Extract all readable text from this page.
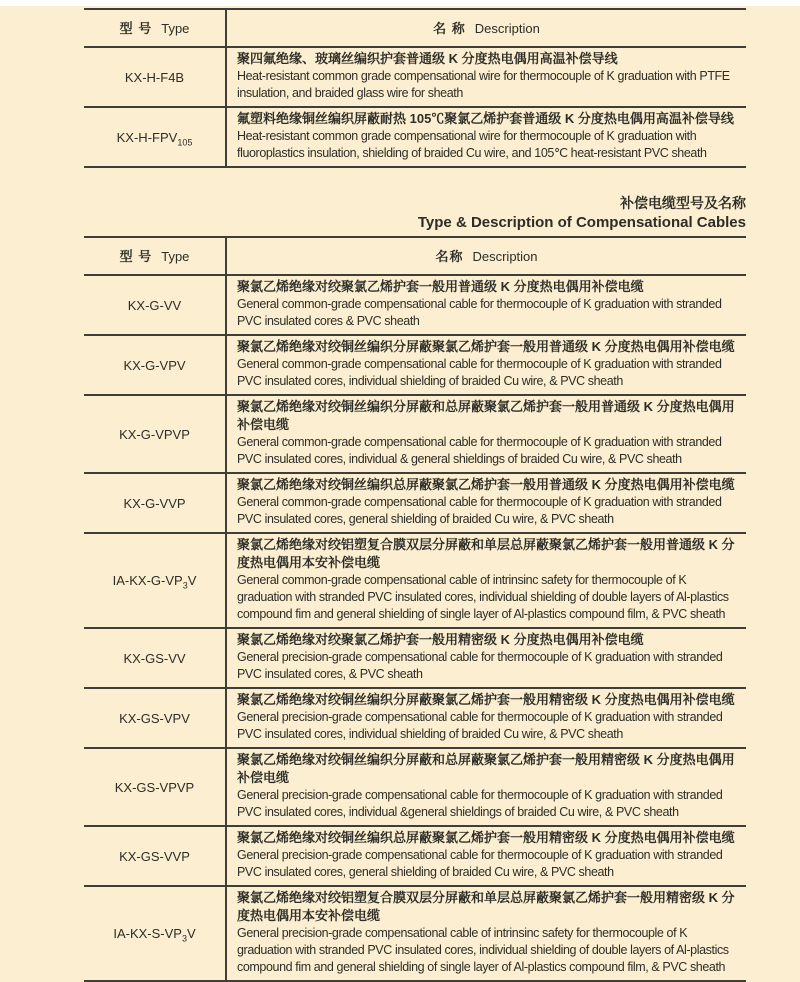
型 号 Type	名 称 Description
KX-H-F4B	聚四氟绝缘、玻璃丝编织护套普通级 K 分度热电偶用高温补偿导线
Heat-resistant common grade compensational wire for thermocouple of K graduation with PTFE insulation, and braided glass wire for sheath

$KX-H-FPV_{105}$	氟塑料绝缘铜丝编织屏蔽耐热 105℃聚氯乙烯护套普通级 K 分度热电偶用高温补偿导线
Heat-resistant common grade compensational wire for thermocouple of K graduation with fluoroplastics insulation, shielding of braided Cu wire, and 105℃ heat-resistant PVC sheath
补偿电缆型号及名称
Type & Description of Compensational Cables
型 号 Type	名称 Description
KX-G-VV	聚氯乙烯绝缘对绞聚氯乙烯护套一般用普通级 K 分度热电偶用补偿电缆
General common-grade compensational cable for thermocouple of K graduation with stranded PVC insulated cores & PVC sheath

KX-G-VPV	聚氯乙烯绝缘对绞铜丝编织分屏蔽聚氯乙烯护套一般用普通级 K 分度热电偶用补偿电缆
General common-grade compensational cable for thermocouple of K graduation with stranded PVC insulated cores, individual shielding of braided Cu wire, & PVC sheath

KX-G-VPVP	聚氯乙烯绝缘对绞铜丝编织分屏蔽和总屏蔽聚氯乙烯护套一般用普通级 K 分度热电偶用补偿电缆
General common-grade compensational cable for thermocouple of K graduation with stranded PVC insulated cores, individual & general shieldings of braided Cu wire, & PVC sheath

KX-G-VVP	聚氯乙烯绝缘对绞铜丝编织总屏蔽聚氯乙烯护套一般用普通级 K 分度热电偶用补偿电缆
General common-grade compensational cable for thermocouple of K graduation with stranded PVC insulated cores, general shielding of braided Cu wire, & PVC sheath

$IA-KX-G-VP_3V$	聚氯乙烯绝缘对绞铝塑复合膜双层分屏蔽和单层总屏蔽聚氯乙烯护套一般用普通级 K 分度热电偶用本安补偿电缆
General common-grade compensational cable of intrinsinc safety for thermocouple of K graduation with stranded PVC insulated cores, individual shielding of double layers of Al-plastics compound fim and general shielding of single layer of Al-plastics compound film, & PVC sheath

KX-GS-VV	聚氯乙烯绝缘对绞聚氯乙烯护套一般用精密级 K 分度热电偶用补偿电缆
General precision-grade compensational cable for thermocouple of K graduation with stranded PVC insulated cores, & PVC sheath

KX-GS-VPV	聚氯乙烯绝缘对绞铜丝编织分屏蔽聚氯乙烯护套一般用精密级 K 分度热电偶用补偿电缆
General precision-grade compensational cable for thermocouple of K graduation with stranded PVC insulated cores, individual shielding of braided Cu wire, & PVC sheath

KX-GS-VPVP	聚氯乙烯绝缘对绞铜丝编织分屏蔽和总屏蔽聚氯乙烯护套一般用精密级 K 分度热电偶用补偿电缆
General precision-grade compensational cable for thermocouple of K graduation with stranded PVC insulated cores, individual &general shieldings of braided Cu wire, & PVC sheath

KX-GS-VVP	聚氯乙烯绝缘对绞铜丝编织总屏蔽聚氯乙烯护套一般用精密级 K 分度热电偶用补偿电缆
General precision-grade compensational cable for thermocouple of K graduation with stranded PVC insulated cores, general shielding of braided Cu wire, & PVC sheath

$IA-KX-S-VP_3V$	聚氯乙烯绝缘对绞铝塑复合膜双层分屏蔽和单层总屏蔽聚氯乙烯护套一般用精密级 K 分度热电偶用本安补偿电缆
General precision-grade compensational cable of intrinsinc safety for thermocouple of K graduation with stranded PVC insulated cores, individual shielding of double layers of Al-plastics compound fim and general shielding of single layer of Al-plastics compound film, & PVC sheath
